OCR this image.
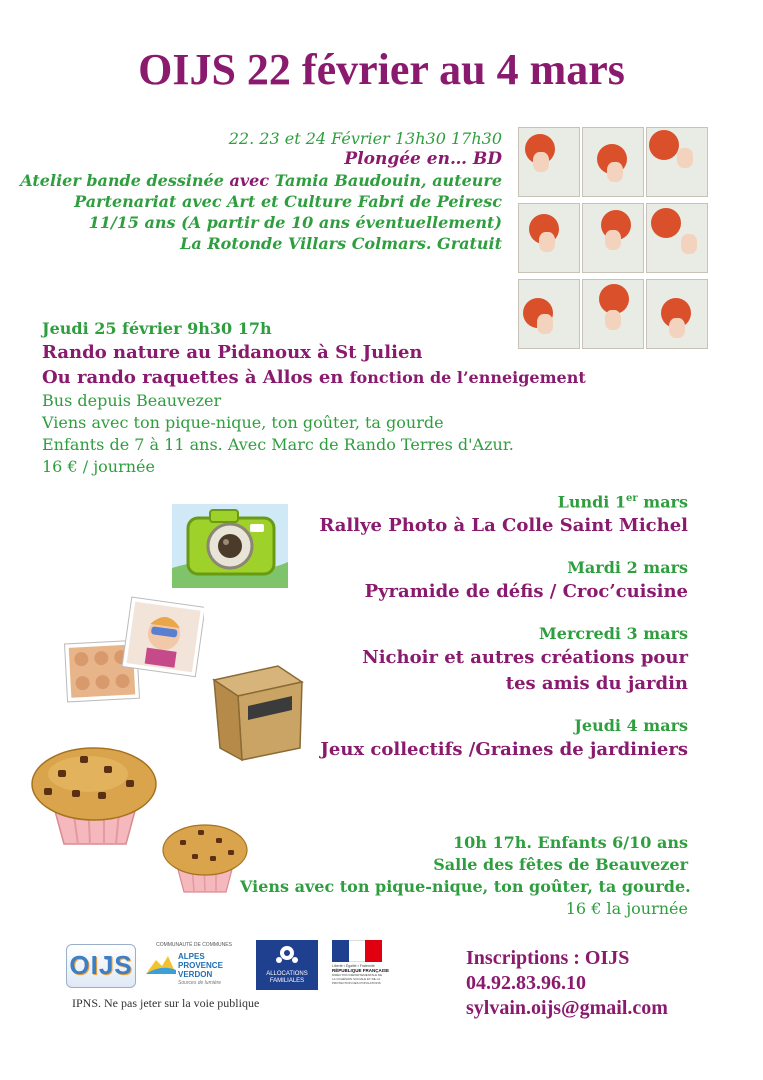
OIJS 22 février au 4 mars
22. 23 et 24 Février 13h30 17h30
Plongée en… BD
Atelier bande dessinée avec Tamia Baudouin, auteure
Partenariat avec Art et Culture Fabri de Peiresc
11/15 ans (A partir de 10 ans éventuellement)
La Rotonde Villars Colmars. Gratuit
Jeudi 25 février 9h30 17h
Rando nature au Pidanoux à St Julien
Ou rando raquettes à Allos en fonction de l’enneigement
Bus depuis Beauvezer
Viens avec ton pique-nique, ton goûter, ta gourde
Enfants de 7 à 11 ans. Avec Marc de Rando Terres d'Azur.
16 € / journée
Lundi 1er mars
Rallye Photo à La Colle Saint Michel
Mardi 2 mars
Pyramide de défis / Croc’cuisine
Mercredi 3 mars
Nichoir et autres créations pour
tes amis du jardin
Jeudi 4 mars
Jeux collectifs /Graines de jardiniers
10h 17h. Enfants 6/10 ans
Salle des fêtes de Beauvezer
Viens avec ton pique-nique, ton goûter, ta gourde.
16 € la journée
OIJS
COMMUNAUTÉ DE COMMUNES
ALPES
PROVENCE
VERDON
Sources de lumière
ALLOCATIONS
FAMILIALES
Liberté • Égalité • Fraternité
RÉPUBLIQUE FRANÇAISE
DIRECTION DÉPARTEMENTALE DE LA COHÉSION SOCIALE ET DE LA PROTECTION DES POPULATIONS
Inscriptions : OIJS
04.92.83.96.10
sylvain.oijs@gmail.com
IPNS. Ne pas jeter sur la voie publique
